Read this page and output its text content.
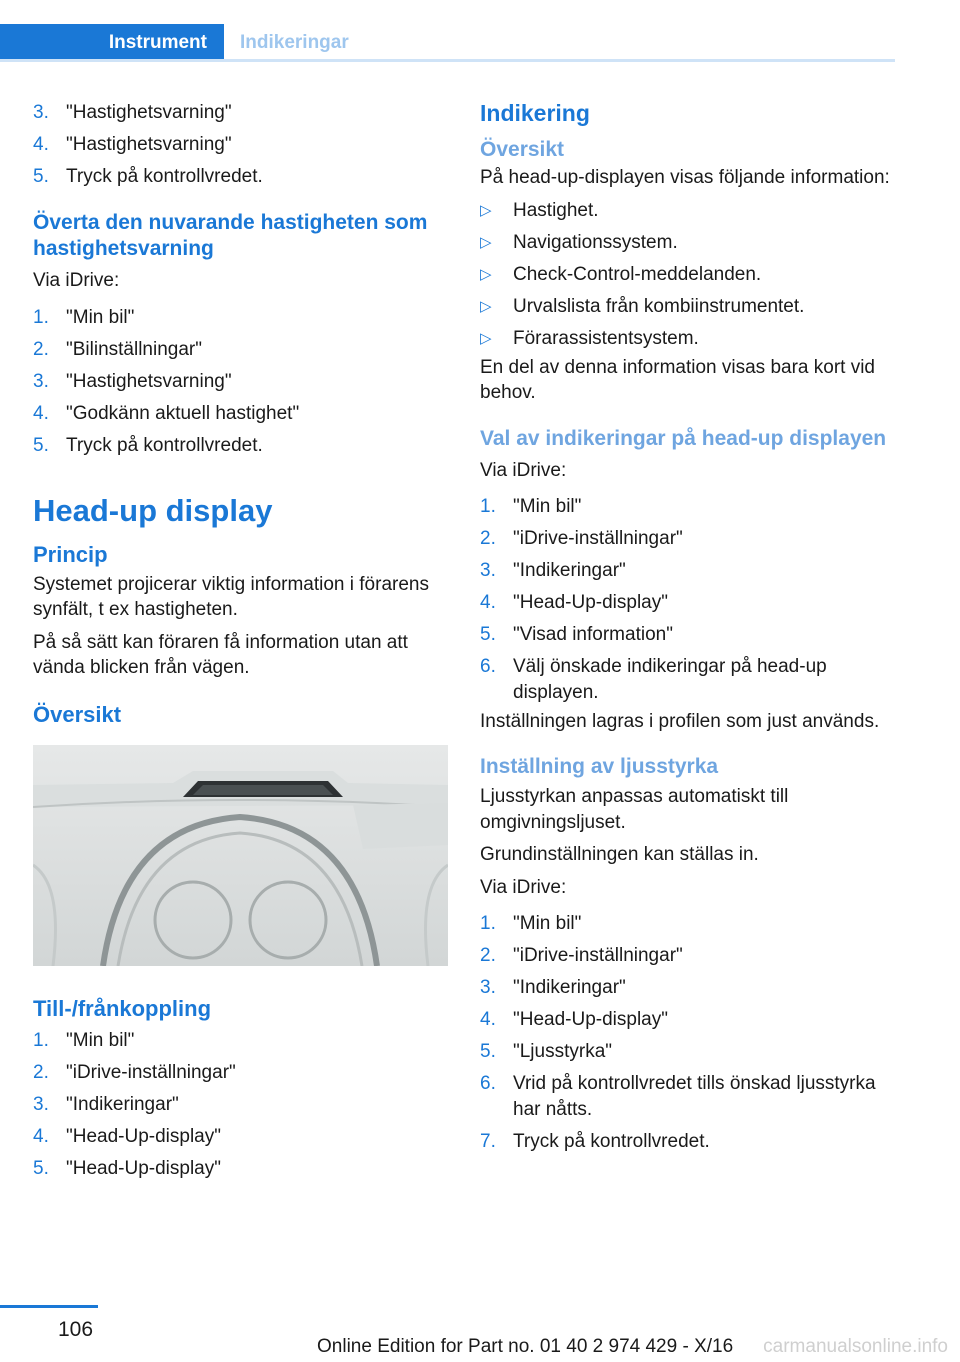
Instrument	Indikeringar
3. "Hastighetsvarning"
4. "Hastighetsvarning"
5. Tryck på kontrollvredet.
Överta den nuvarande hastigheten som hastighetsvarning

Via iDrive:

1. "Min bil"
2. "Bilinställningar"
3. "Hastighetsvarning"
4. "Godkänn aktuell hastighet"
5. Tryck på kontrollvredet.
Head-up display
Princip

Systemet projicerar viktig information i förarens synfält, t ex hastigheten.

På så sätt kan föraren få information utan att vända blicken från vägen.

Översikt
Till-/frånkoppling
1. "Min bil"
2. "iDrive-inställningar"
3. "Indikeringar"
4. "Head-Up-display"
5. "Head-Up-display"
Indikering
Översikt

På head-up-displayen visas följande information:

▷	Hastighet.
▷	Navigationssystem.
▷	Check-Control-meddelanden.
▷	Urvalslista från kombiinstrumentet.
▷	Förarassistentsystem.

En del av denna information visas bara kort vid behov.

Val av indikeringar på head-up displayen

Via iDrive:

1. "Min bil"
2. "iDrive-inställningar"
3. "Indikeringar"
4. "Head-Up-display"
5. "Visad information"
6. Välj önskade indikeringar på head-up displayen.

Inställningen lagras i profilen som just används.

Inställning av ljusstyrka

Ljusstyrkan anpassas automatiskt till omgivningsljuset.

Grundinställningen kan ställas in.

Via iDrive:

1. "Min bil"
2. "iDrive-inställningar"
3. "Indikeringar"
4. "Head-Up-display"
5. "Ljusstyrka"
6. Vrid på kontrollvredet tills önskad ljusstyrka har nåtts.
7. Tryck på kontrollvredet.
106
Online Edition for Part no. 01 40 2 974 429 - X/16 carmanualsonline.info
